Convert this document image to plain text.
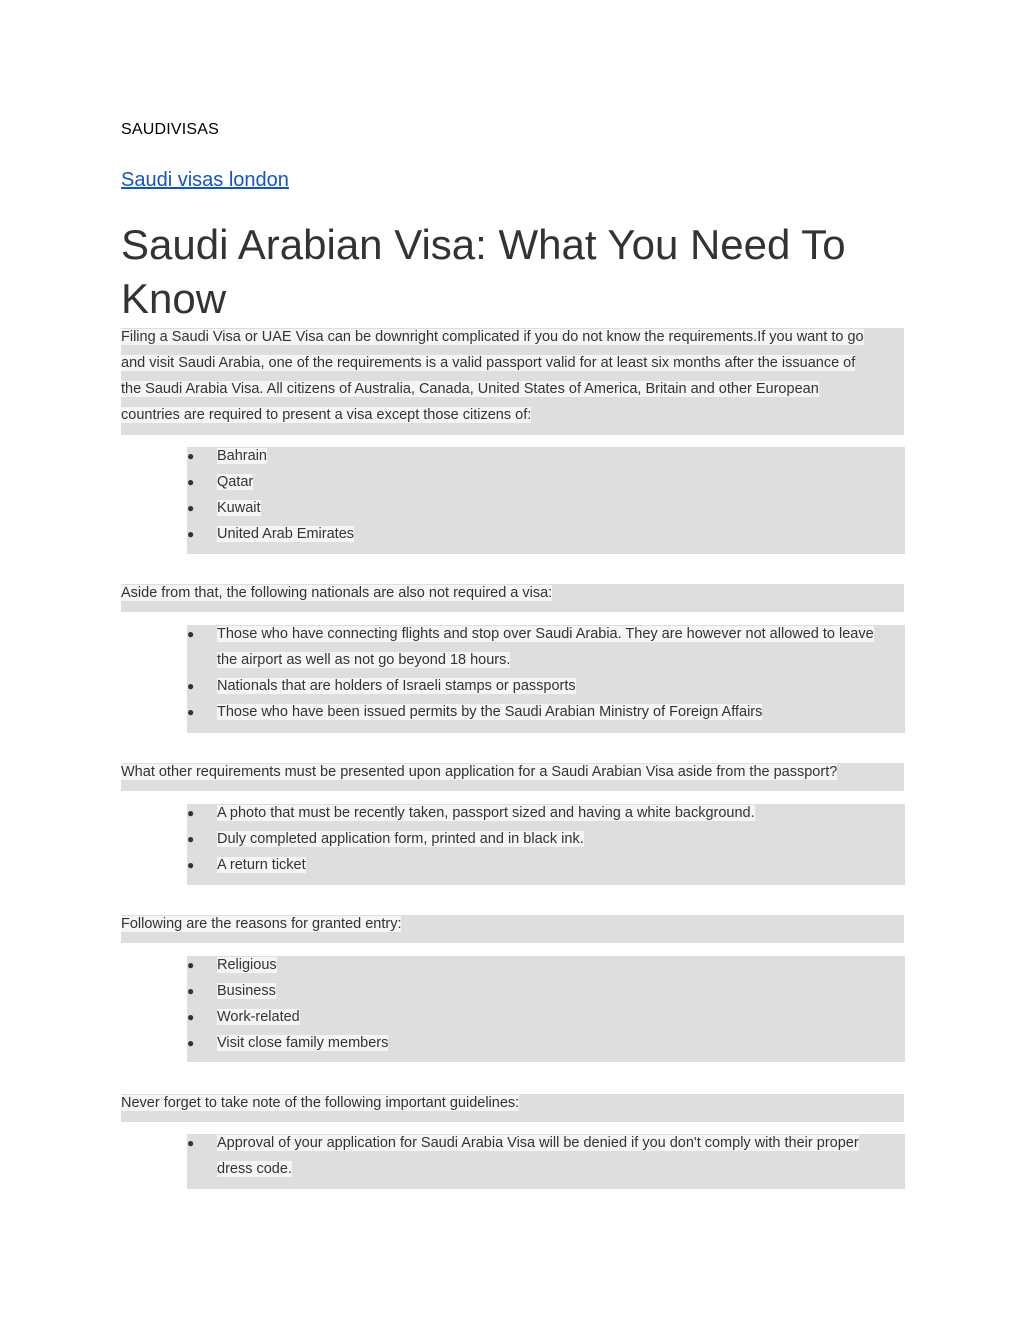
SAUDIVISAS
Saudi visas london
Saudi Arabian Visa: What You Need To Know
Filing a Saudi Visa or UAE Visa can be downright complicated if you do not know the requirements.If you want to go
and visit Saudi Arabia, one of the requirements is a valid passport valid for at least six months after the issuance of
the Saudi Arabia Visa. All citizens of Australia, Canada, United States of America, Britain and other European
countries are required to present a visa except those citizens of:
● Bahrain
● Qatar
● Kuwait
● United Arab Emirates
Aside from that, the following nationals are also not required a visa:
● Those who have connecting flights and stop over Saudi Arabia. They are however not allowed to leave
the airport as well as not go beyond 18 hours.
● Nationals that are holders of Israeli stamps or passports
● Those who have been issued permits by the Saudi Arabian Ministry of Foreign Affairs
What other requirements must be presented upon application for a Saudi Arabian Visa aside from the passport?
● A photo that must be recently taken, passport sized and having a white background.
● Duly completed application form, printed and in black ink.
● A return ticket
Following are the reasons for granted entry:
● Religious
● Business
● Work-related
● Visit close family members
Never forget to take note of the following important guidelines:
● Approval of your application for Saudi Arabia Visa will be denied if you don't comply with their proper
dress code.
